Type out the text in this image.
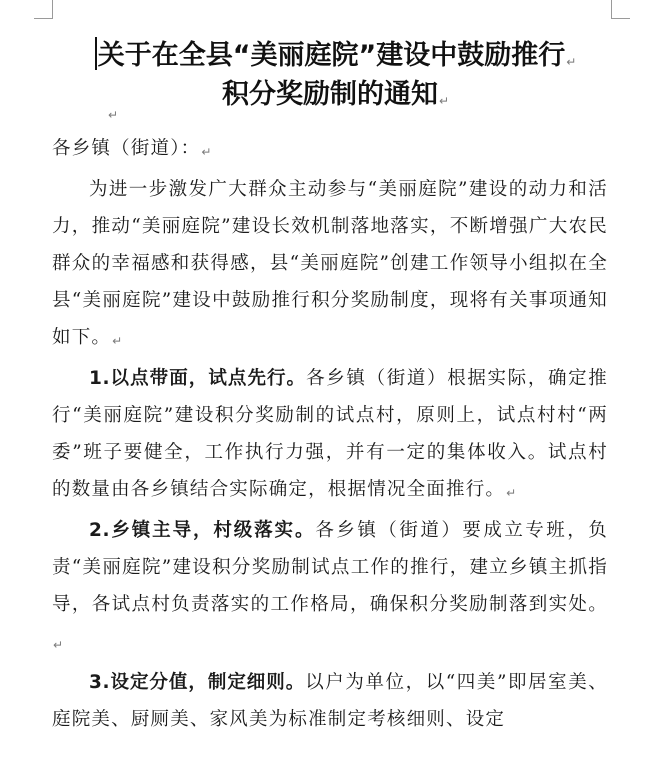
关于在全县“美丽庭院”建设中鼓励推行↵
积分奖励制的通知↵
↵

各乡镇（街道）：↵

为进一步激发广大群众主动参与“美丽庭院”建设的动力和活力，推动“美丽庭院”建设长效机制落地落实，不断增强广大农民群众的幸福感和获得感，县“美丽庭院”创建工作领导小组拟在全县“美丽庭院”建设中鼓励推行积分奖励制度，现将有关事项通知如下。↵

1.以点带面，试点先行。各乡镇（街道）根据实际，确定推行“美丽庭院”建设积分奖励制的试点村，原则上，试点村村“两委”班子要健全，工作执行力强，并有一定的集体收入。试点村的数量由各乡镇结合实际确定，根据情况全面推行。↵

2.乡镇主导，村级落实。各乡镇（街道）要成立专班，负责“美丽庭院”建设积分奖励制试点工作的推行，建立乡镇主抓指导，各试点村负责落实的工作格局，确保积分奖励制落到实处。↵

3.设定分值，制定细则。以户为单位，以“四美”即居室美、庭院美、厨厕美、家风美为标准制定考核细则、设定
